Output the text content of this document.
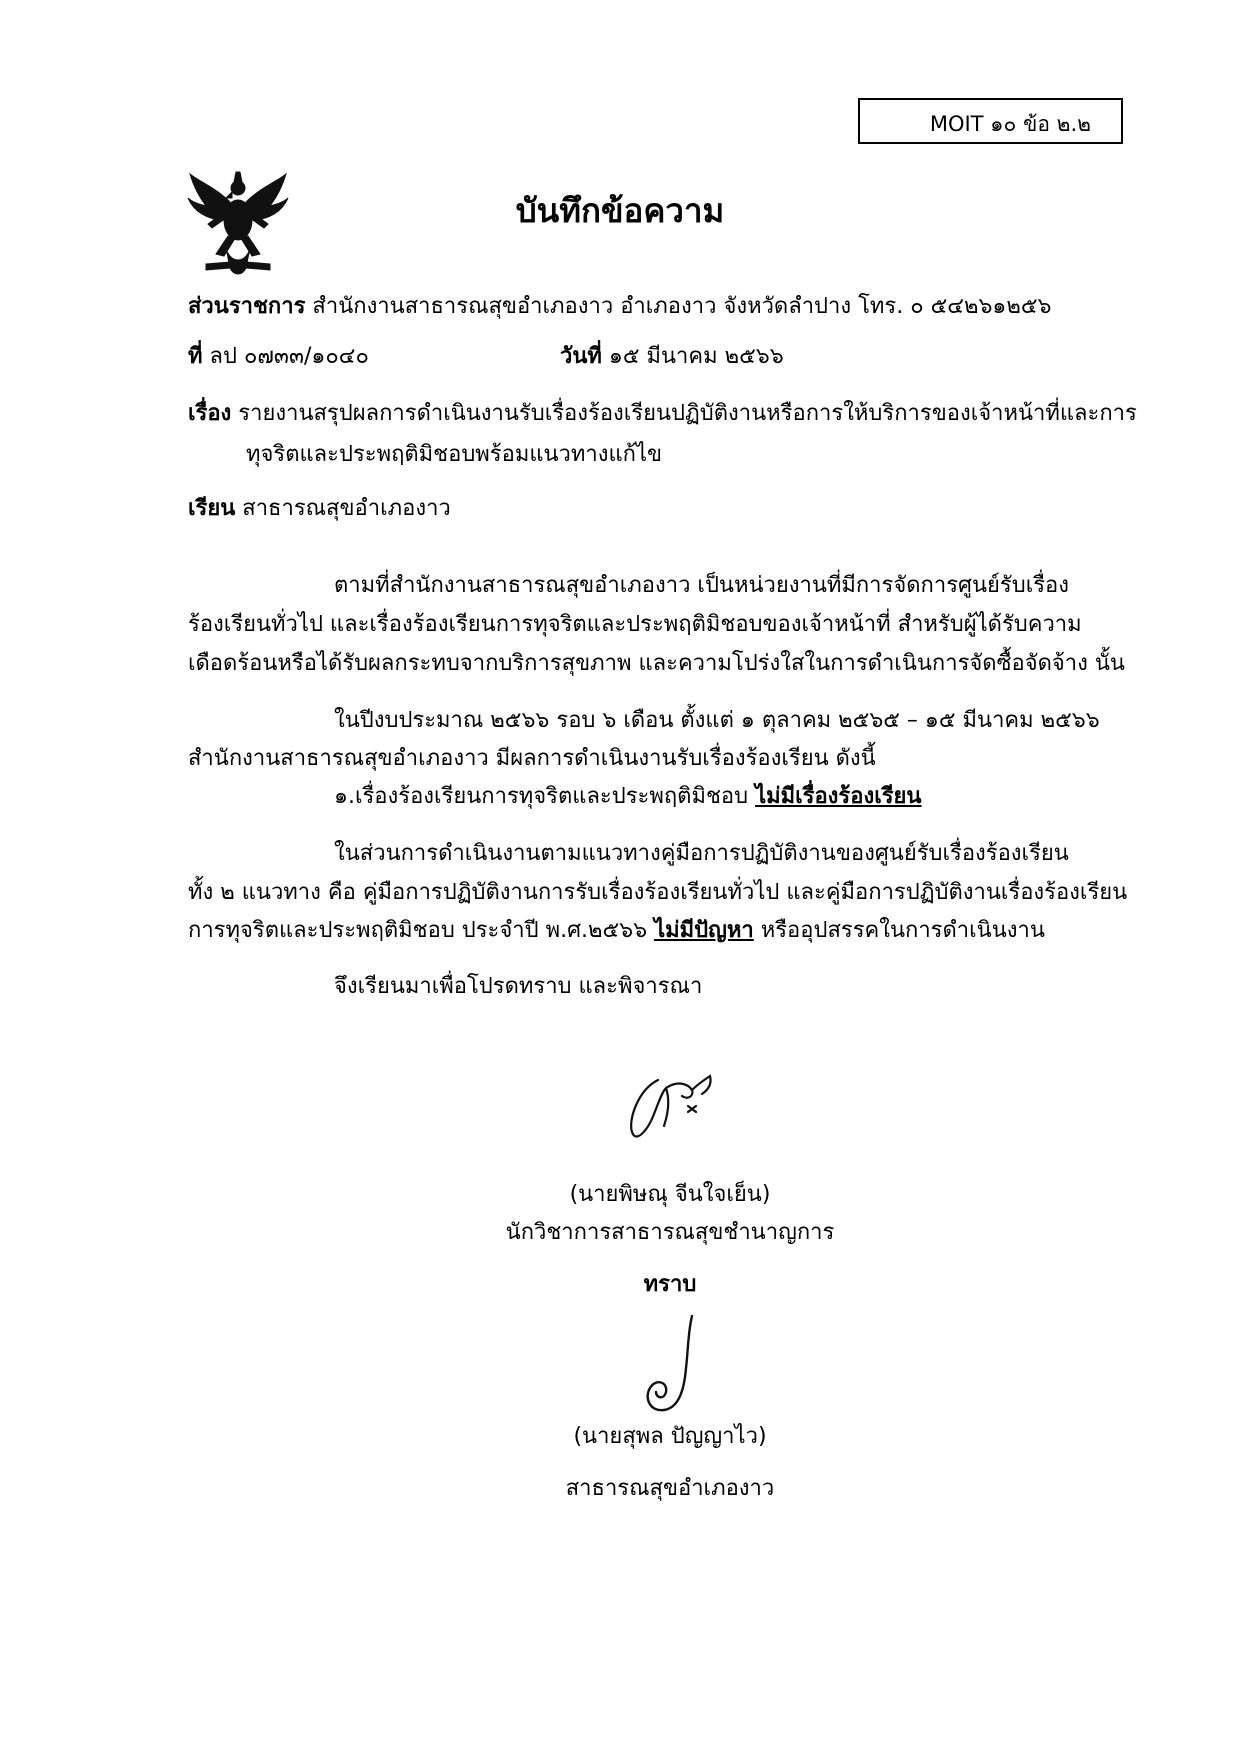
MOIT ๑๐ ข้อ ๒.๒
บันทึกข้อความ
ส่วนราชการ สำนักงานสาธารณสุขอำเภองาว อำเภองาว จังหวัดลำปาง โทร. ๐ ๕๔๒๖๑๒๕๖
ที่ ลป ๐๗๓๓/๑๐๔๐	วันที่ ๑๕ มีนาคม ๒๕๖๖
เรื่อง รายงานสรุปผลการดำเนินงานรับเรื่องร้องเรียนปฏิบัติงานหรือการให้บริการของเจ้าหน้าที่และการ
ทุจริตและประพฤติมิชอบพร้อมแนวทางแก้ไข
เรียน สาธารณสุขอำเภองาว
ตามที่สำนักงานสาธารณสุขอำเภองาว เป็นหน่วยงานที่มีการจัดการศูนย์รับเรื่อง
ร้องเรียนทั่วไป และเรื่องร้องเรียนการทุจริตและประพฤติมิชอบของเจ้าหน้าที่ สำหรับผู้ได้รับความ
เดือดร้อนหรือได้รับผลกระทบจากบริการสุขภาพ และความโปร่งใสในการดำเนินการจัดซื้อจัดจ้าง นั้น
ในปีงบประมาณ ๒๕๖๖ รอบ ๖ เดือน ตั้งแต่ ๑ ตุลาคม ๒๕๖๕ – ๑๕ มีนาคม ๒๕๖๖
สำนักงานสาธารณสุขอำเภองาว มีผลการดำเนินงานรับเรื่องร้องเรียน ดังนี้
๑.เรื่องร้องเรียนการทุจริตและประพฤติมิชอบ ไม่มีเรื่องร้องเรียน
ในส่วนการดำเนินงานตามแนวทางคู่มือการปฏิบัติงานของศูนย์รับเรื่องร้องเรียน
ทั้ง ๒ แนวทาง คือ คู่มือการปฏิบัติงานการรับเรื่องร้องเรียนทั่วไป และคู่มือการปฏิบัติงานเรื่องร้องเรียน
การทุจริตและประพฤติมิชอบ ประจำปี พ.ศ.๒๕๖๖ ไม่มีปัญหา หรืออุปสรรคในการดำเนินงาน
จึงเรียนมาเพื่อโปรดทราบ และพิจารณา
(นายพิษณุ จีนใจเย็น)
นักวิชาการสาธารณสุขชำนาญการ
ทราบ
(นายสุพล ปัญญาไว)
สาธารณสุขอำเภองาว
